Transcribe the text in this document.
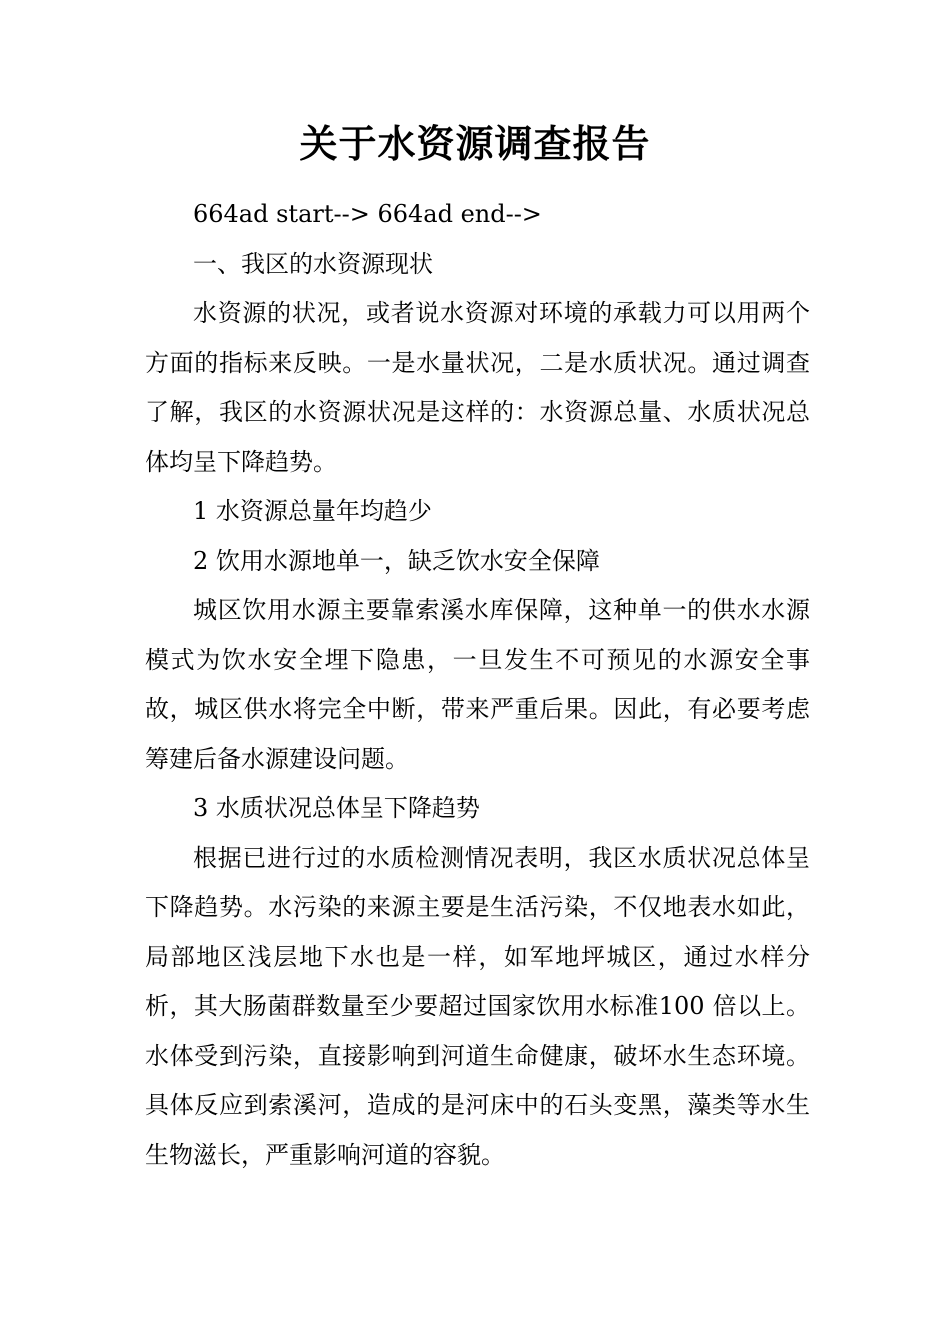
关于水资源调查报告

664ad start--> 664ad end-->

一、我区的水资源现状

水资源的状况，或者说水资源对环境的承载力可以用两个方面的指标来反映。一是水量状况，二是水质状况。通过调查了解，我区的水资源状况是这样的：水资源总量、水质状况总体均呈下降趋势。

1 水资源总量年均趋少

2 饮用水源地单一，缺乏饮水安全保障

城区饮用水源主要靠索溪水库保障，这种单一的供水水源模式为饮水安全埋下隐患，一旦发生不可预见的水源安全事故，城区供水将完全中断，带来严重后果。因此，有必要考虑筹建后备水源建设问题。

3 水质状况总体呈下降趋势

根据已进行过的水质检测情况表明，我区水质状况总体呈下降趋势。水污染的来源主要是生活污染，不仅地表水如此，局部地区浅层地下水也是一样，如军地坪城区，通过水样分析，其大肠菌群数量至少要超过国家饮用水标准100 倍以上。水体受到污染，直接影响到河道生命健康，破坏水生态环境。具体反应到索溪河，造成的是河床中的石头变黑，藻类等水生生物滋长，严重影响河道的容貌。
